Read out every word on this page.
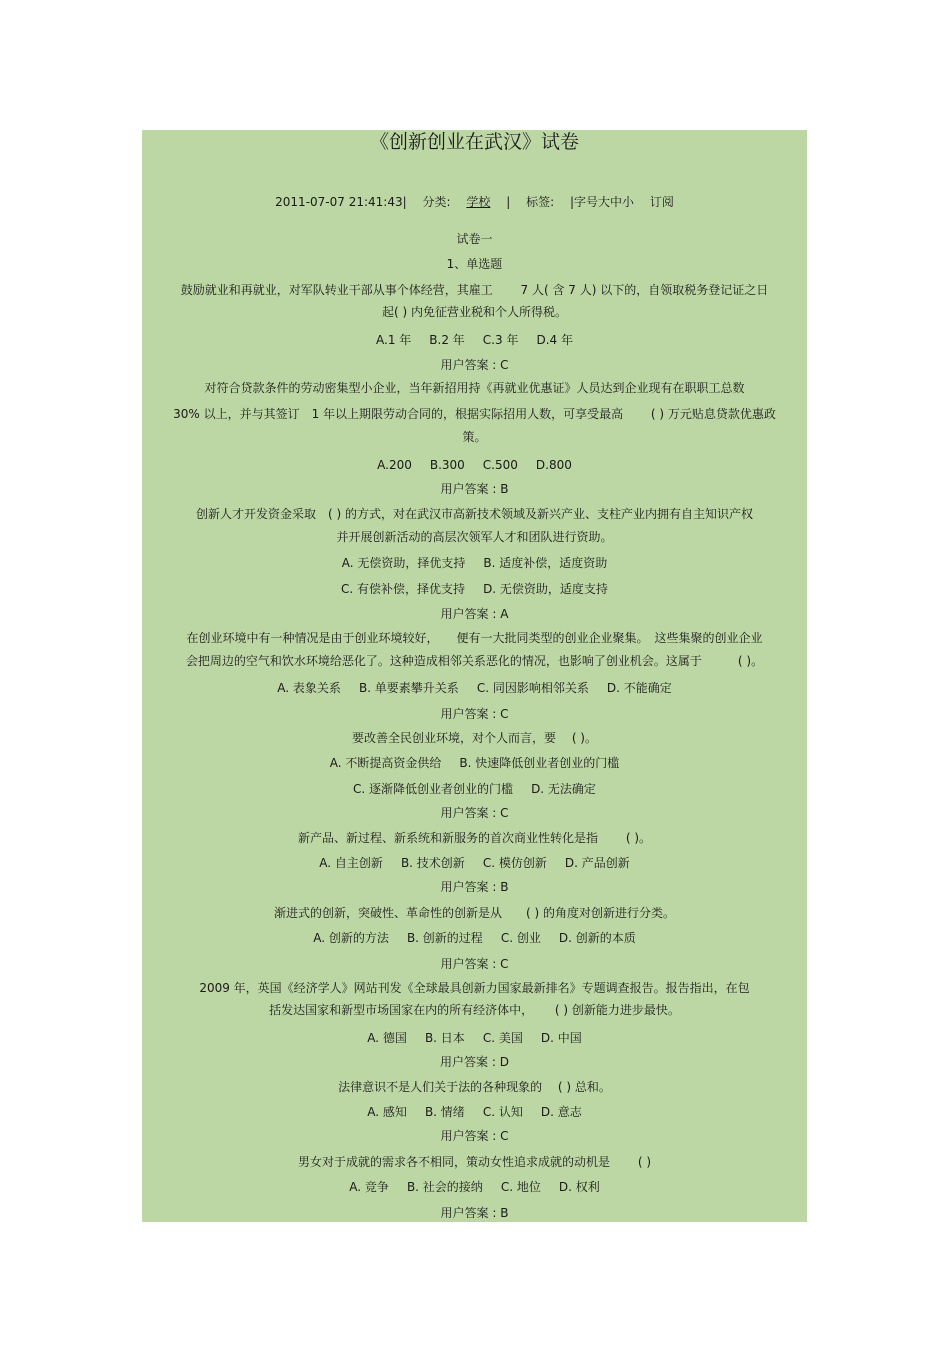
《创新创业在武汉》试卷
2011-07-07 21:41:43| 分类: 学校 | 标签: |字号大中小 订阅
试卷一
1、单选题
鼓励就业和再就业，对军队转业干部从事个体经营，其雇工　　 7 人( 含 7 人) 以下的，自领取税务登记证之日
起( ) 内免征营业税和个人所得税。
A.1 年 B.2 年 C.3 年 D.4 年
用户答案 : C
对符合贷款条件的劳动密集型小企业，当年新招用持《再就业优惠证》人员达到企业现有在职职工总数
30% 以上，并与其签订　1 年以上期限劳动合同的，根据实际招用人数，可享受最高　　 ( ) 万元贴息贷款优惠政
策。
A.200 B.300 C.500 D.800
用户答案 : B
创新人才开发资金采取　( ) 的方式，对在武汉市高新技术领域及新兴产业、支柱产业内拥有自主知识产权
并开展创新活动的高层次领军人才和团队进行资助。
A. 无偿资助，择优支持 B. 适度补偿，适度资助
C. 有偿补偿，择优支持 D. 无偿资助，适度支持
用户答案 : A
在创业环境中有一种情况是由于创业环境较好，　　便有一大批同类型的创业企业聚集。　这些集聚的创业企业
会把周边的空气和饮水环境给恶化了。这种造成相邻关系恶化的情况，也影响了创业机会。这属于　　　( )。
A. 表象关系 B. 单要素攀升关系 C. 同因影响相邻关系 D. 不能确定
用户答案 : C
要改善全民创业环境，对个人而言，要　 ( )。
A. 不断提高资金供给 B. 快速降低创业者创业的门槛
C. 逐渐降低创业者创业的门槛 D. 无法确定
用户答案 : C
新产品、新过程、新系统和新服务的首次商业性转化是指　　 ( )。
A. 自主创新 B. 技术创新 C. 模仿创新 D. 产品创新
用户答案 : B
渐进式的创新，突破性、革命性的创新是从　　( ) 的角度对创新进行分类。
A. 创新的方法 B. 创新的过程 C. 创业 D. 创新的本质
用户答案 : C
2009 年，英国《经济学人》网站刊发《全球最具创新力国家最新排名》专题调查报告。报告指出，在包
括发达国家和新型市场国家在内的所有经济体中，　　 ( ) 创新能力进步最快。
A. 德国 B. 日本 C. 美国 D. 中国
用户答案 : D
法律意识不是人们关于法的各种现象的　 ( ) 总和。
A. 感知 B. 情绪 C. 认知 D. 意志
用户答案 : C
男女对于成就的需求各不相同，策动女性追求成就的动机是　　 ( )
A. 竞争 B. 社会的接纳 C. 地位 D. 权利
用户答案 : B
